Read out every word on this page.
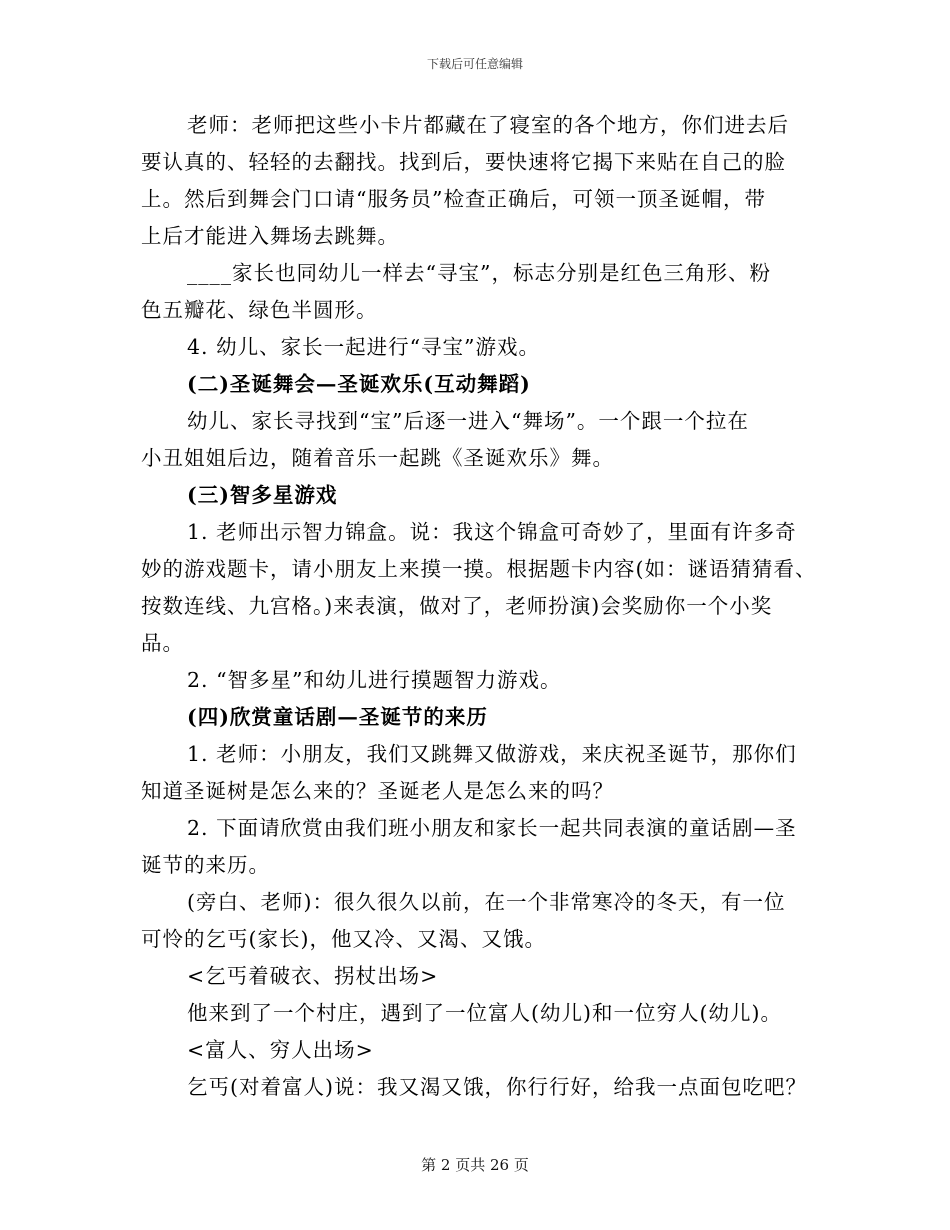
下载后可任意编辑
老师：老师把这些小卡片都藏在了寝室的各个地方，你们进去后
要认真的、轻轻的去翻找。找到后，要快速将它揭下来贴在自己的脸
上。然后到舞会门口请“服务员”检查正确后，可领一顶圣诞帽，带
上后才能进入舞场去跳舞。
____家长也同幼儿一样去“寻宝”，标志分别是红色三角形、粉
色五瓣花、绿色半圆形。
4. 幼儿、家长一起进行“寻宝”游戏。
(二)圣诞舞会—圣诞欢乐(互动舞蹈)
幼儿、家长寻找到“宝”后逐一进入“舞场”。一个跟一个拉在
小丑姐姐后边，随着音乐一起跳《圣诞欢乐》舞。
(三)智多星游戏
1. 老师出示智力锦盒。说：我这个锦盒可奇妙了，里面有许多奇
妙的游戏题卡，请小朋友上来摸一摸。根据题卡内容(如：谜语猜猜看、
按数连线、九宫格。)来表演，做对了，老师扮演)会奖励你一个小奖
品。
2. “智多星”和幼儿进行摸题智力游戏。
(四)欣赏童话剧—圣诞节的来历
1. 老师：小朋友，我们又跳舞又做游戏，来庆祝圣诞节，那你们
知道圣诞树是怎么来的？圣诞老人是怎么来的吗？
2. 下面请欣赏由我们班小朋友和家长一起共同表演的童话剧—圣
诞节的来历。
(旁白、老师)：很久很久以前，在一个非常寒冷的冬天，有一位
可怜的乞丐(家长)，他又冷、又渴、又饿。
<乞丐着破衣、拐杖出场>
他来到了一个村庄，遇到了一位富人(幼儿)和一位穷人(幼儿)。
<富人、穷人出场>
乞丐(对着富人)说：我又渴又饿，你行行好，给我一点面包吃吧？
第 2 页共 26 页
